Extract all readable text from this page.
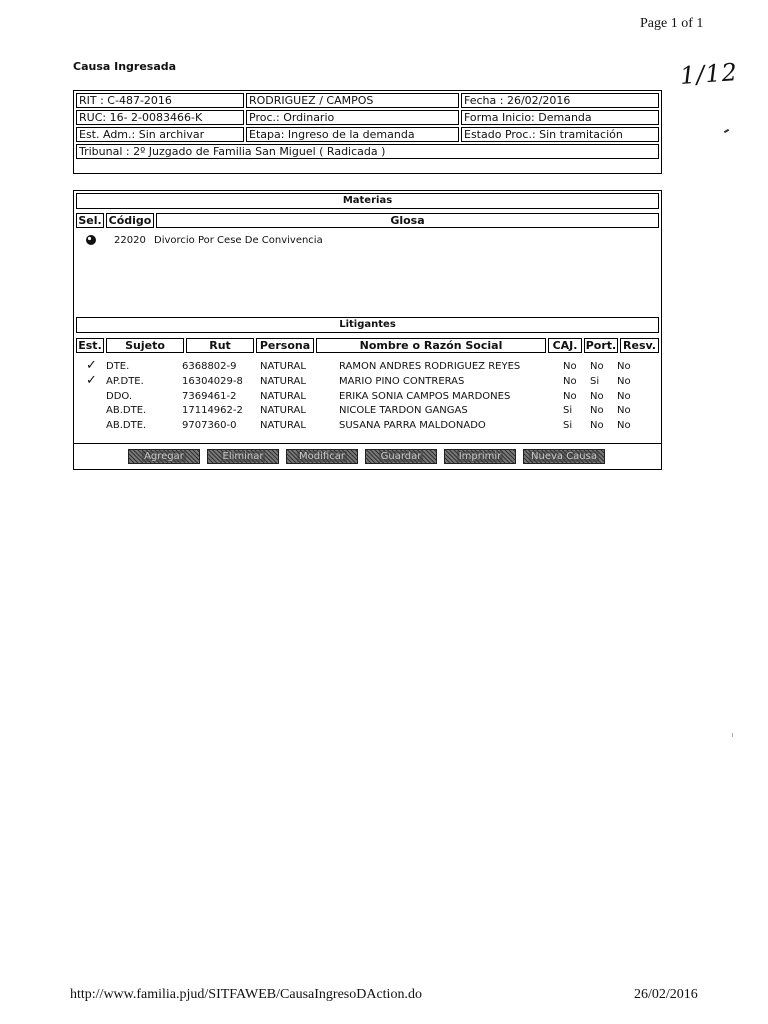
Page 1 of 1
1/12
Causa Ingresada
RIT : C-487-2016	RODRIGUEZ / CAMPOS	Fecha : 26/02/2016
RUC: 16- 2-0083466-K	Proc.: Ordinario	Forma Inicio: Demanda
Est. Adm.: Sin archivar	Etapa: Ingreso de la demanda	Estado Proc.: Sin tramitación
Tribunal : 2º Juzgado de Familia San Miguel ( Radicada )
Materias
Sel. Código	Glosa
22020 Divorcio Por Cese De Convivencia
Litigantes
Est.	Sujeto	Rut	Persona	Nombre o Razón Social	CAJ. Port. Resv.
✓ DTE.	6368802-9 NATURAL	RAMON ANDRES RODRIGUEZ REYES	No No No
✓ AP.DTE.	16304029-8 NATURAL	MARIO PINO CONTRERAS	No Si No
DDO.	7369461-2 NATURAL	ERIKA SONIA CAMPOS MARDONES	No No No
AB.DTE.	17114962-2 NATURAL	NICOLE TARDON GANGAS	Si No No
AB.DTE.	9707360-0 NATURAL	SUSANA PARRA MALDONADO	Si No No
Agregar	Eliminar	Modificar	Guardar	Imprimir	Nueva Causa
http://www.familia.pjud/SITFAWEB/CausaIngresoDAction.do	26/02/2016
